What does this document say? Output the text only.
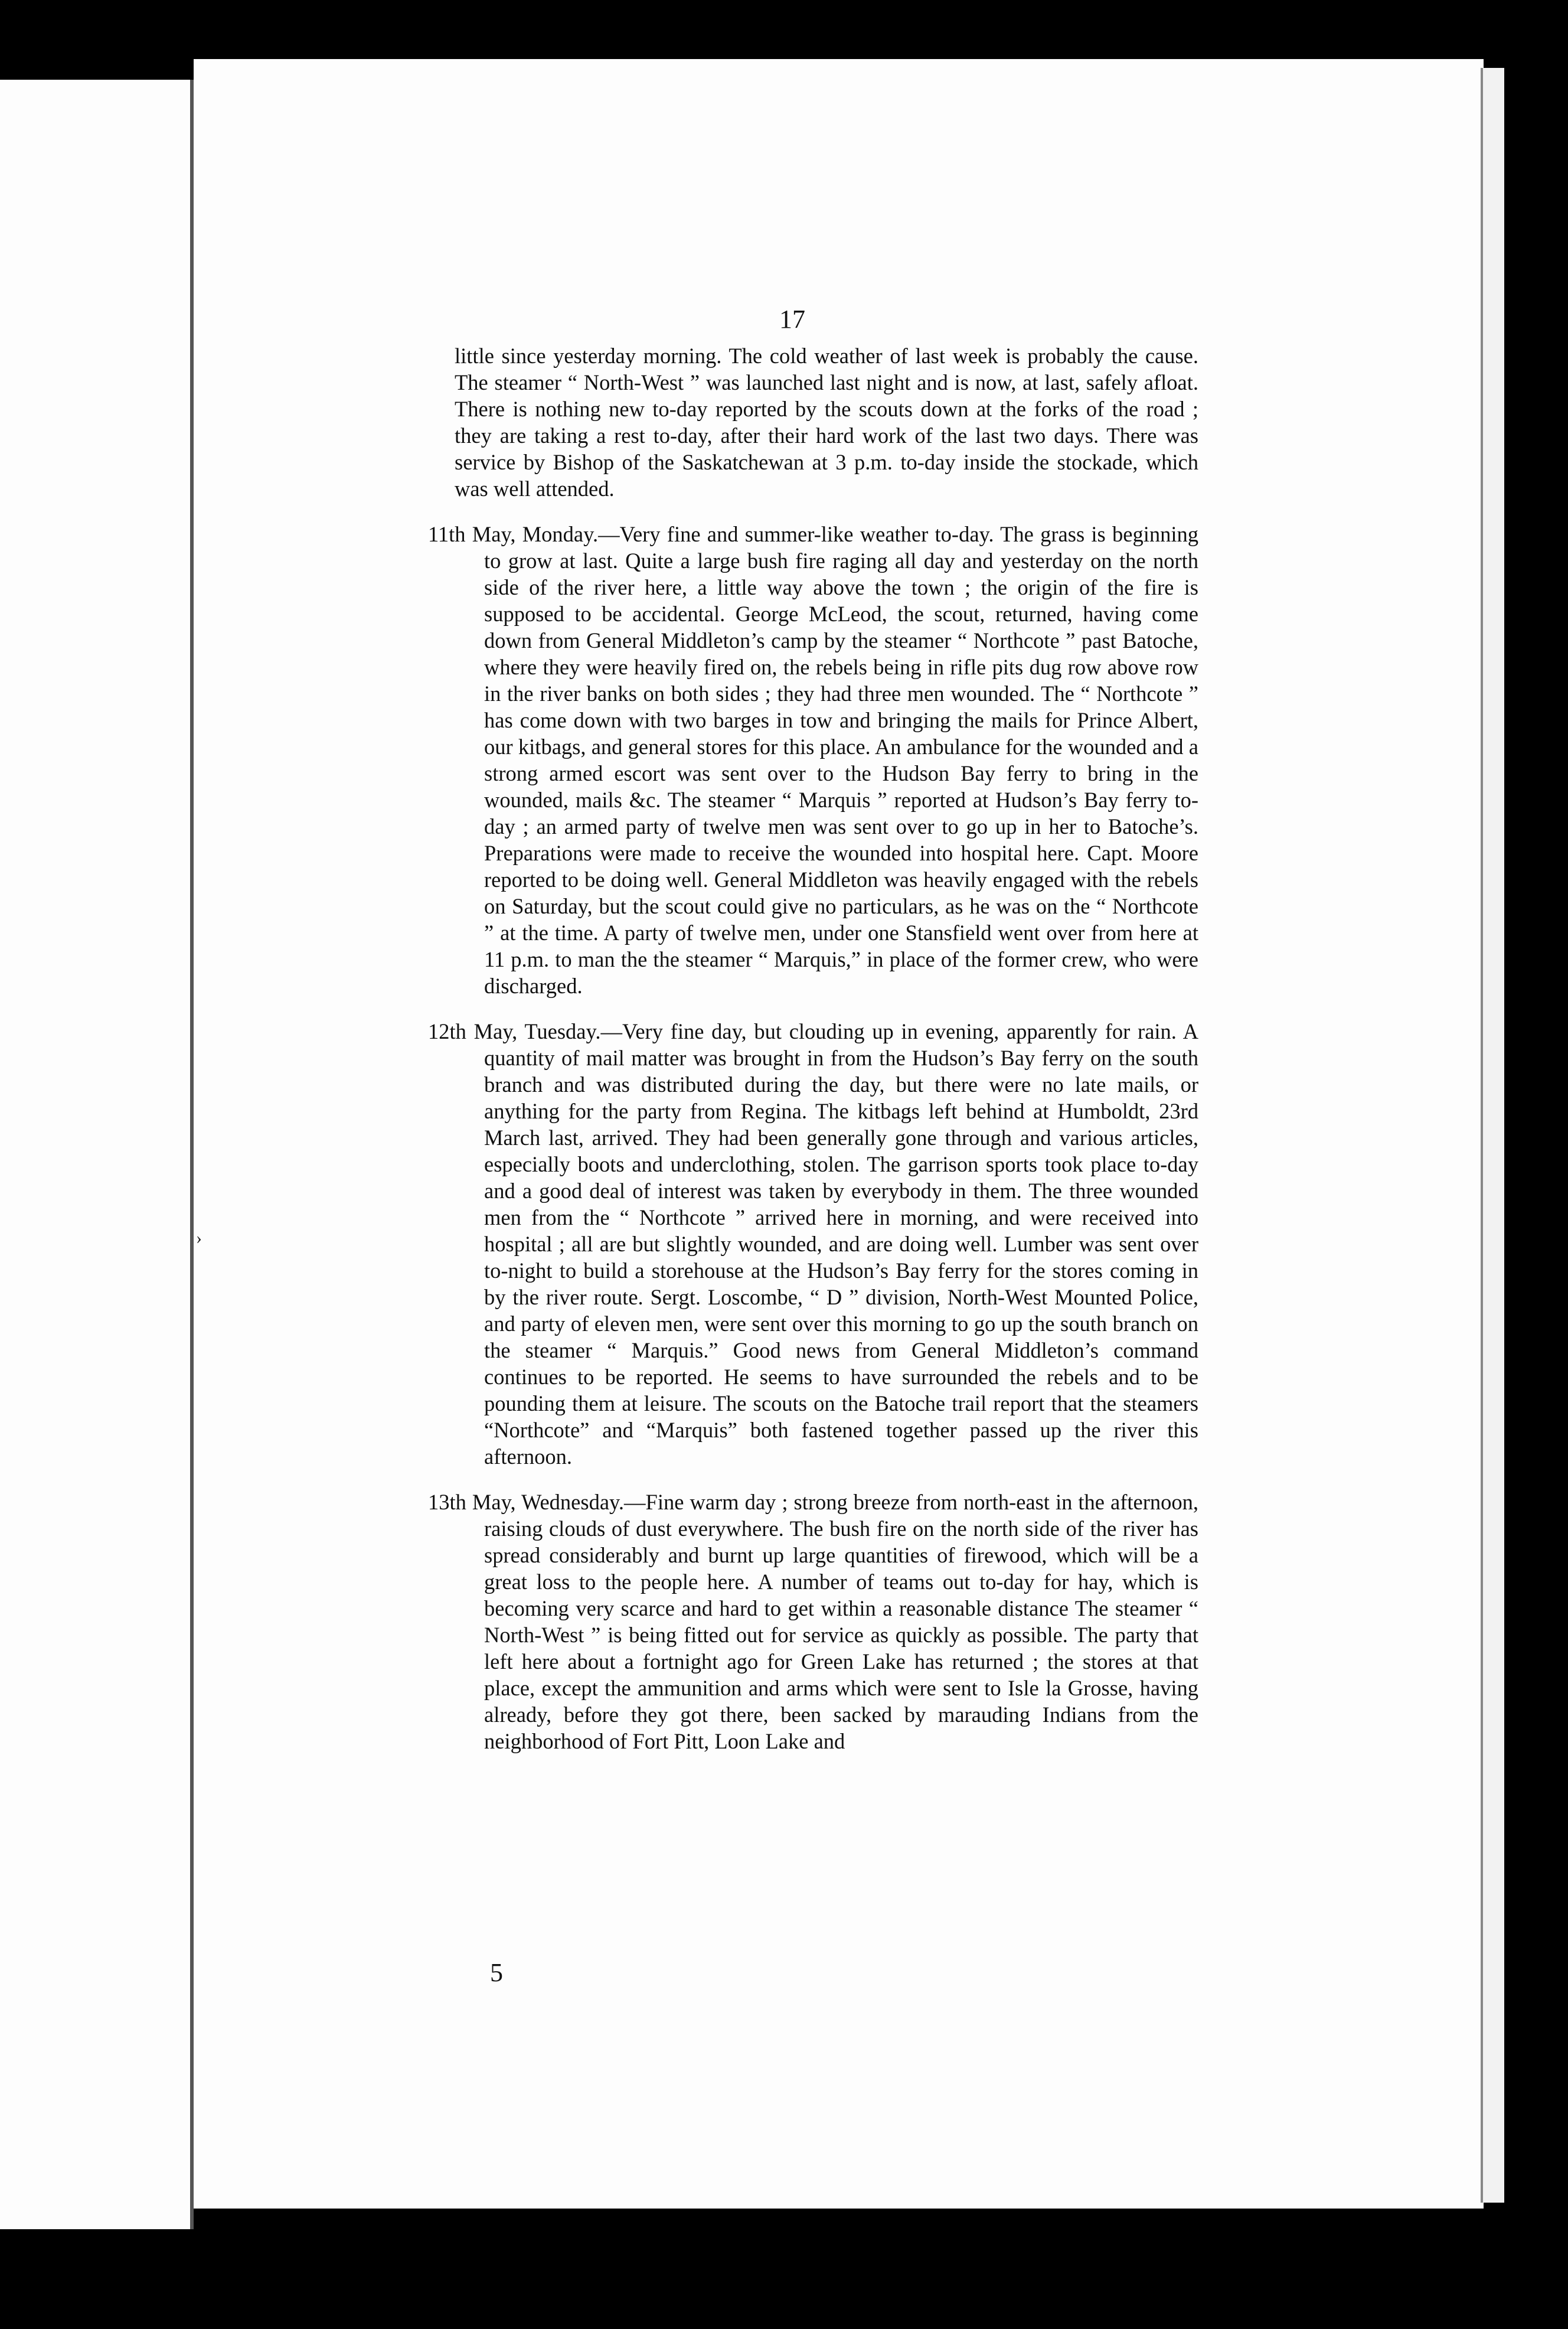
›
17

little since yesterday morning. The cold weather of last week is probably the cause. The steamer “ North-West ” was launched last night and is now, at last, safely afloat. There is nothing new to-day reported by the scouts down at the forks of the road ; they are taking a rest to-day, after their hard work of the last two days. There was service by Bishop of the Saskatchewan at 3 p.m. to-day inside the stockade, which was well attended.

11th May, Monday.—Very fine and summer-like weather to-day. The grass is beginning to grow at last. Quite a large bush fire raging all day and yesterday on the north side of the river here, a little way above the town ; the origin of the fire is supposed to be accidental. George McLeod, the scout, returned, having come down from General Middleton’s camp by the steamer “ Northcote ” past Batoche, where they were heavily fired on, the rebels being in rifle pits dug row above row in the river banks on both sides ; they had three men wounded. The “ Northcote ” has come down with two barges in tow and bringing the mails for Prince Albert, our kitbags, and general stores for this place. An ambulance for the wounded and a strong armed escort was sent over to the Hudson Bay ferry to bring in the wounded, mails &c. The steamer “ Marquis ” reported at Hudson’s Bay ferry to-day ; an armed party of twelve men was sent over to go up in her to Batoche’s. Preparations were made to receive the wounded into hospital here. Capt. Moore reported to be doing well. General Middleton was heavily engaged with the rebels on Saturday, but the scout could give no particulars, as he was on the “ Northcote ” at the time. A party of twelve men, under one Stansfield went over from here at 11 p.m. to man the the steamer “ Marquis,” in place of the former crew, who were discharged.

12th May, Tuesday.—Very fine day, but clouding up in evening, apparently for rain. A quantity of mail matter was brought in from the Hudson’s Bay ferry on the south branch and was distributed during the day, but there were no late mails, or anything for the party from Regina. The kitbags left behind at Humboldt, 23rd March last, arrived. They had been generally gone through and various articles, especially boots and underclothing, stolen. The garrison sports took place to-day and a good deal of interest was taken by everybody in them. The three wounded men from the “ Northcote ” arrived here in morning, and were received into hospital ; all are but slightly wounded, and are doing well. Lumber was sent over to-night to build a storehouse at the Hudson’s Bay ferry for the stores coming in by the river route. Sergt. Loscombe, “ D ” division, North-West Mounted Police, and party of eleven men, were sent over this morning to go up the south branch on the steamer “ Marquis.” Good news from General Middleton’s command continues to be reported. He seems to have surrounded the rebels and to be pounding them at leisure. The scouts on the Batoche trail report that the steamers “Northcote” and “Marquis” both fastened together passed up the river this afternoon.

13th May, Wednesday.—Fine warm day ; strong breeze from north-east in the afternoon, raising clouds of dust everywhere. The bush fire on the north side of the river has spread considerably and burnt up large quantities of firewood, which will be a great loss to the people here. A number of teams out to-day for hay, which is becoming very scarce and hard to get within a reasonable distance The steamer “ North-West ” is being fitted out for service as quickly as possible. The party that left here about a fortnight ago for Green Lake has returned ; the stores at that place, except the ammunition and arms which were sent to Isle la Grosse, having already, before they got there, been sacked by marauding Indians from the neighborhood of Fort Pitt, Loon Lake and

5
